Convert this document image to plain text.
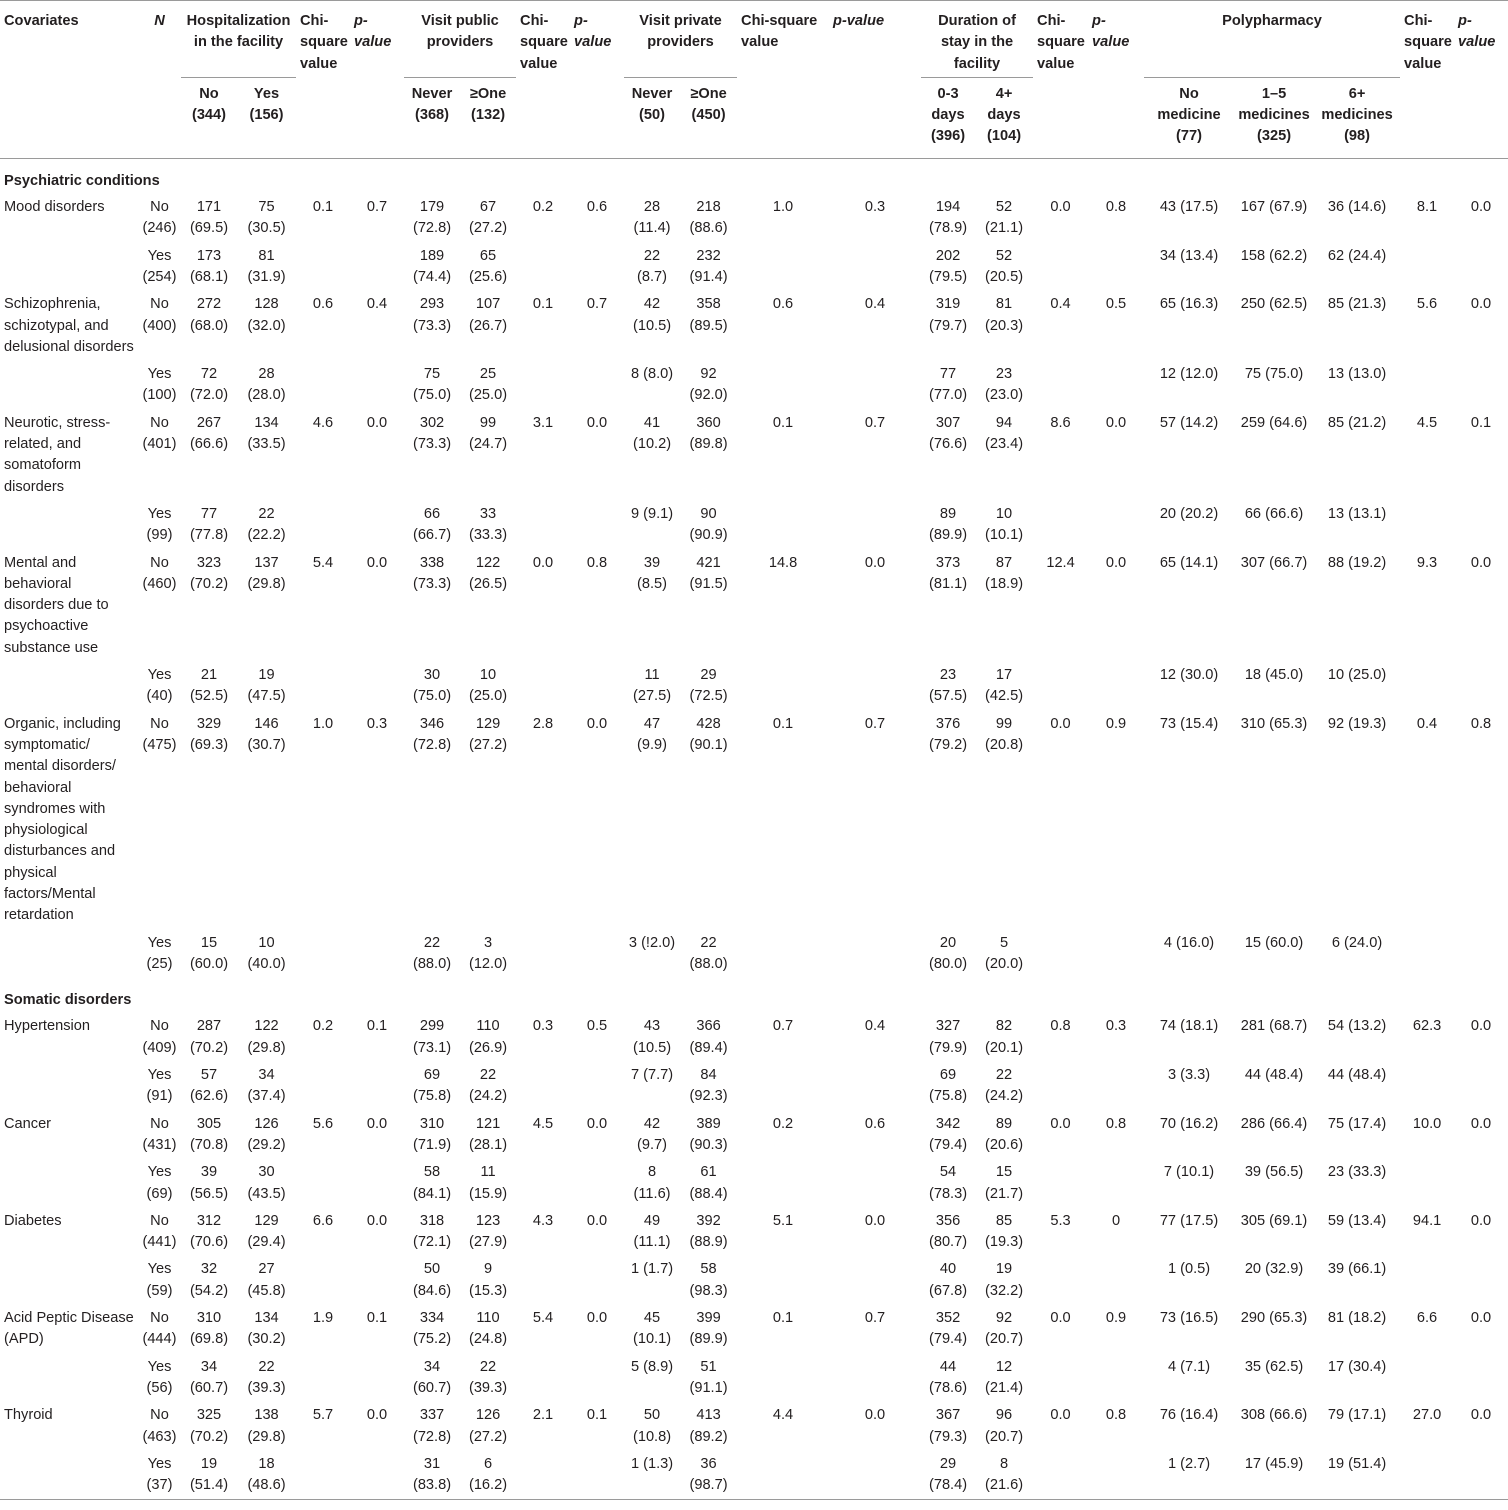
Covariates	N	Hospitalization in the facility		Chi-square value	p-value	Visit public providers		Chi-square value	p-value	Visit private providers		Chi-square value	p-value	Duration of stay in the facility		Chi-square value	p-value	Polypharmacy			Chi-square value	p-value
		No (344)	Yes (156)			Never (368)	≥One (132)			Never (50)	≥One (450)			0-3 days (396)	4+ days (104)			No medicine (77)	1–5 medicines (325)	6+ medicines (98)		
Psychiatric conditions																						
Mood disorders	No (246)	171 (69.5)	75 (30.5)	0.1	0.7	179 (72.8)	67 (27.2)	0.2	0.6	28 (11.4)	218 (88.6)	1.0	0.3	194 (78.9)	52 (21.1)	0.0	0.8	43 (17.5)	167 (67.9)	36 (14.6)	8.1	0.0
	Yes (254)	173 (68.1)	81 (31.9)			189 (74.4)	65 (25.6)			22 (8.7)	232 (91.4)			202 (79.5)	52 (20.5)			34 (13.4)	158 (62.2)	62 (24.4)		
Schizophrenia, schizotypal, and delusional disorders	No (400)	272 (68.0)	128 (32.0)	0.6	0.4	293 (73.3)	107 (26.7)	0.1	0.7	42 (10.5)	358 (89.5)	0.6	0.4	319 (79.7)	81 (20.3)	0.4	0.5	65 (16.3)	250 (62.5)	85 (21.3)	5.6	0.0
	Yes (100)	72 (72.0)	28 (28.0)			75 (75.0)	25 (25.0)			8 (8.0)	92 (92.0)			77 (77.0)	23 (23.0)			12 (12.0)	75 (75.0)	13 (13.0)		
Neurotic, stress-related, and somatoform disorders	No (401)	267 (66.6)	134 (33.5)	4.6	0.0	302 (73.3)	99 (24.7)	3.1	0.0	41 (10.2)	360 (89.8)	0.1	0.7	307 (76.6)	94 (23.4)	8.6	0.0	57 (14.2)	259 (64.6)	85 (21.2)	4.5	0.1
	Yes (99)	77 (77.8)	22 (22.2)			66 (66.7)	33 (33.3)			9 (9.1)	90 (90.9)			89 (89.9)	10 (10.1)			20 (20.2)	66 (66.6)	13 (13.1)		
Mental and behavioral disorders due to psychoactive substance use	No (460)	323 (70.2)	137 (29.8)	5.4	0.0	338 (73.3)	122 (26.5)	0.0	0.8	39 (8.5)	421 (91.5)	14.8	0.0	373 (81.1)	87 (18.9)	12.4	0.0	65 (14.1)	307 (66.7)	88 (19.2)	9.3	0.0
	Yes (40)	21 (52.5)	19 (47.5)			30 (75.0)	10 (25.0)			11 (27.5)	29 (72.5)			23 (57.5)	17 (42.5)			12 (30.0)	18 (45.0)	10 (25.0)		
Organic, including symptomatic/ mental disorders/ behavioral syndromes with physiological disturbances and physical factors/Mental retardation	No (475)	329 (69.3)	146 (30.7)	1.0	0.3	346 (72.8)	129 (27.2)	2.8	0.0	47 (9.9)	428 (90.1)	0.1	0.7	376 (79.2)	99 (20.8)	0.0	0.9	73 (15.4)	310 (65.3)	92 (19.3)	0.4	0.8
	Yes (25)	15 (60.0)	10 (40.0)			22 (88.0)	3 (12.0)			3 (!2.0)	22 (88.0)			20 (80.0)	5 (20.0)			4 (16.0)	15 (60.0)	6 (24.0)		
Somatic disorders																						
Hypertension	No (409)	287 (70.2)	122 (29.8)	0.2	0.1	299 (73.1)	110 (26.9)	0.3	0.5	43 (10.5)	366 (89.4)	0.7	0.4	327 (79.9)	82 (20.1)	0.8	0.3	74 (18.1)	281 (68.7)	54 (13.2)	62.3	0.0
	Yes (91)	57 (62.6)	34 (37.4)			69 (75.8)	22 (24.2)			7 (7.7)	84 (92.3)			69 (75.8)	22 (24.2)			3 (3.3)	44 (48.4)	44 (48.4)		
Cancer	No (431)	305 (70.8)	126 (29.2)	5.6	0.0	310 (71.9)	121 (28.1)	4.5	0.0	42 (9.7)	389 (90.3)	0.2	0.6	342 (79.4)	89 (20.6)	0.0	0.8	70 (16.2)	286 (66.4)	75 (17.4)	10.0	0.0
	Yes (69)	39 (56.5)	30 (43.5)			58 (84.1)	11 (15.9)			8 (11.6)	61 (88.4)			54 (78.3)	15 (21.7)			7 (10.1)	39 (56.5)	23 (33.3)		
Diabetes	No (441)	312 (70.6)	129 (29.4)	6.6	0.0	318 (72.1)	123 (27.9)	4.3	0.0	49 (11.1)	392 (88.9)	5.1	0.0	356 (80.7)	85 (19.3)	5.3	0	77 (17.5)	305 (69.1)	59 (13.4)	94.1	0.0
	Yes (59)	32 (54.2)	27 (45.8)			50 (84.6)	9 (15.3)			1 (1.7)	58 (98.3)			40 (67.8)	19 (32.2)			1 (0.5)	20 (32.9)	39 (66.1)		
Acid Peptic Disease (APD)	No (444)	310 (69.8)	134 (30.2)	1.9	0.1	334 (75.2)	110 (24.8)	5.4	0.0	45 (10.1)	399 (89.9)	0.1	0.7	352 (79.4)	92 (20.7)	0.0	0.9	73 (16.5)	290 (65.3)	81 (18.2)	6.6	0.0
	Yes (56)	34 (60.7)	22 (39.3)			34 (60.7)	22 (39.3)			5 (8.9)	51 (91.1)			44 (78.6)	12 (21.4)			4 (7.1)	35 (62.5)	17 (30.4)		
Thyroid	No (463)	325 (70.2)	138 (29.8)	5.7	0.0	337 (72.8)	126 (27.2)	2.1	0.1	50 (10.8)	413 (89.2)	4.4	0.0	367 (79.3)	96 (20.7)	0.0	0.8	76 (16.4)	308 (66.6)	79 (17.1)	27.0	0.0
	Yes (37)	19 (51.4)	18 (48.6)			31 (83.8)	6 (16.2)			1 (1.3)	36 (98.7)			29 (78.4)	8 (21.6)			1 (2.7)	17 (45.9)	19 (51.4)		
